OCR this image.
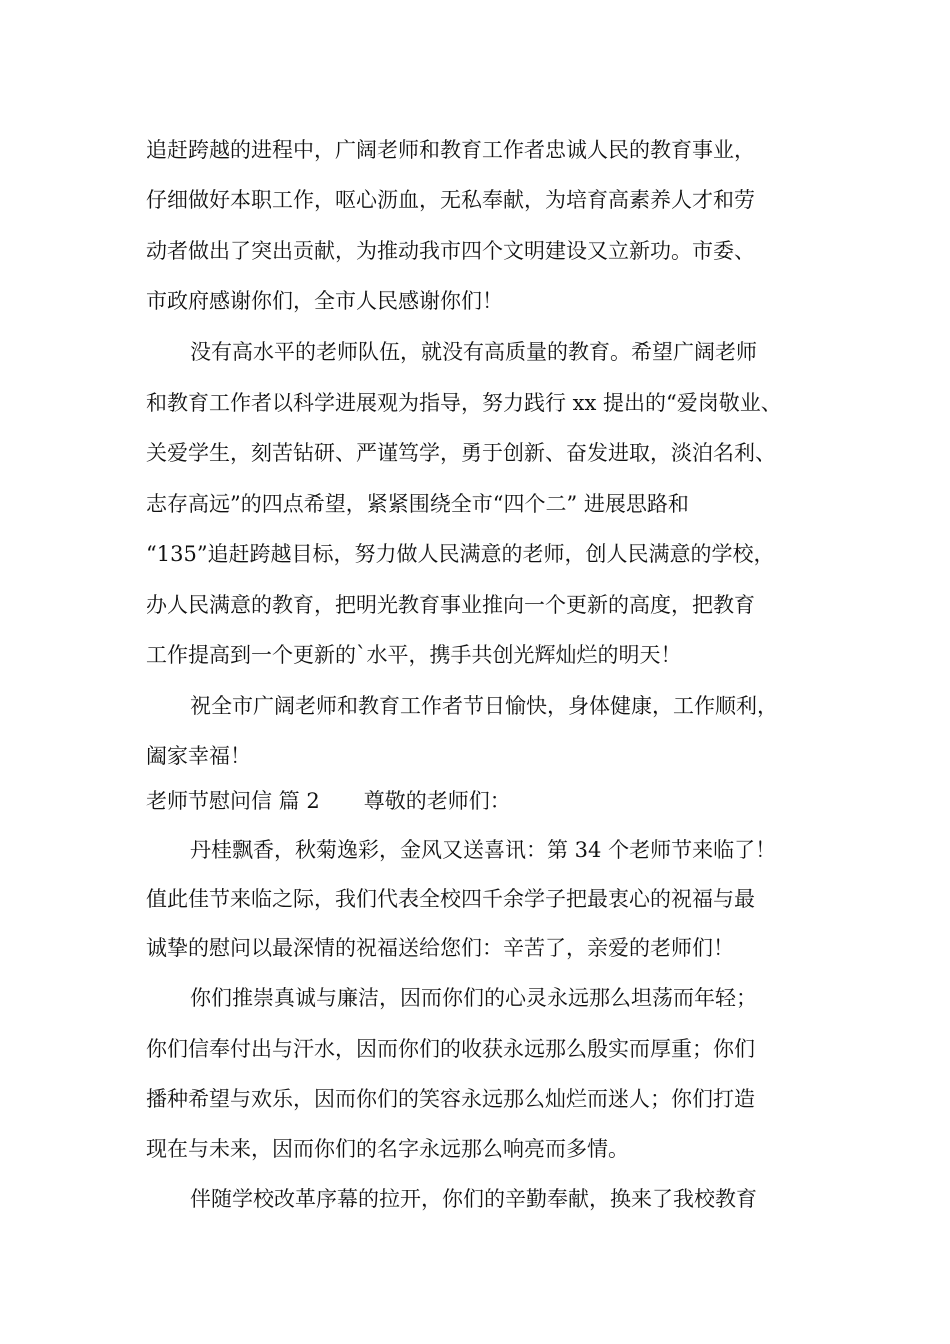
追赶跨越的进程中，广阔老师和教育工作者忠诚人民的教育事业，
仔细做好本职工作，呕心沥血，无私奉献，为培育高素养人才和劳
动者做出了突出贡献，为推动我市四个文明建设又立新功。市委、
市政府感谢你们，全市人民感谢你们！
没有高水平的老师队伍，就没有高质量的教育。希望广阔老师
和教育工作者以科学进展观为指导，努力践行 xx 提出的“爱岗敬业、
关爱学生，刻苦钻研、严谨笃学，勇于创新、奋发进取，淡泊名利、
志存高远”的四点希望，紧紧围绕全市“四个二” 进展思路和
“135”追赶跨越目标，努力做人民满意的老师，创人民满意的学校，
办人民满意的教育，把明光教育事业推向一个更新的高度，把教育
工作提高到一个更新的`水平，携手共创光辉灿烂的明天！
祝全市广阔老师和教育工作者节日愉快，身体健康，工作顺利，
阖家幸福！
老师节慰问信 篇 2 尊敬的老师们：
丹桂飘香，秋菊逸彩，金风又送喜讯：第 34 个老师节来临了！
值此佳节来临之际，我们代表全校四千余学子把最衷心的祝福与最
诚挚的慰问以最深情的祝福送给您们：辛苦了，亲爱的老师们！
你们推崇真诚与廉洁，因而你们的心灵永远那么坦荡而年轻；
你们信奉付出与汗水，因而你们的收获永远那么殷实而厚重；你们
播种希望与欢乐，因而你们的笑容永远那么灿烂而迷人；你们打造
现在与未来，因而你们的名字永远那么响亮而多情。
伴随学校改革序幕的拉开，你们的辛勤奉献，换来了我校教育
